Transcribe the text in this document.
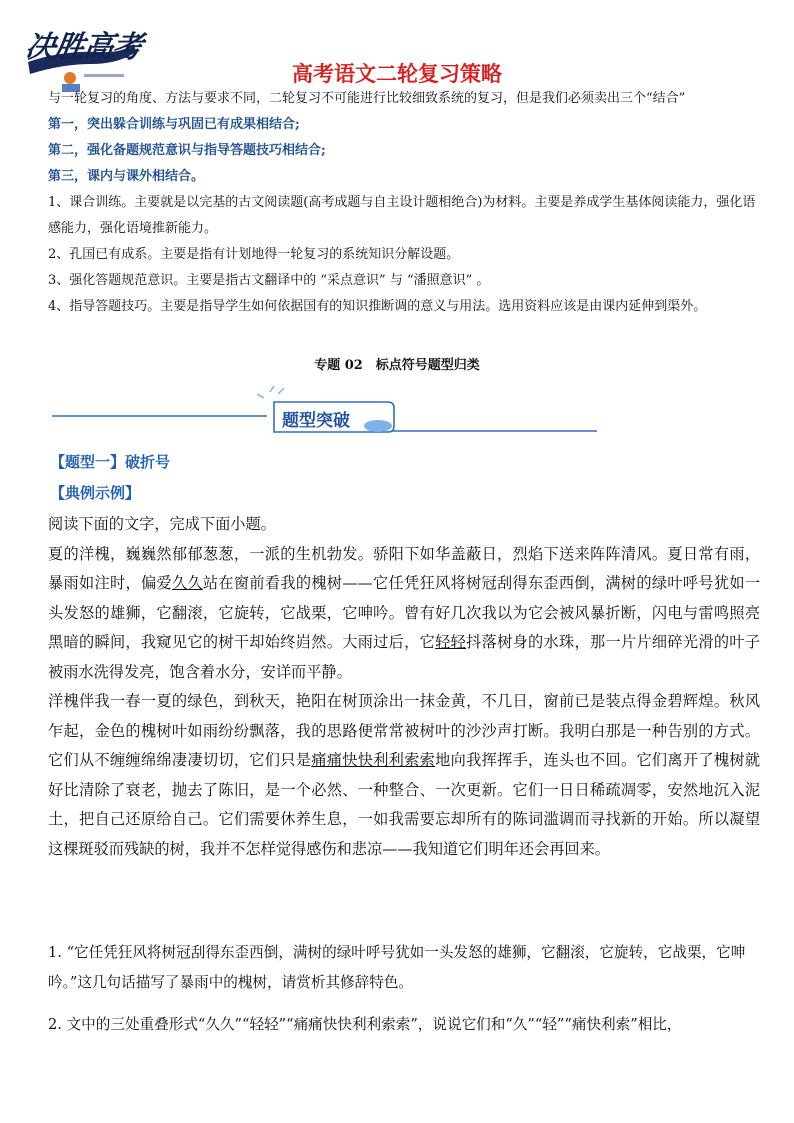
决胜高考
高考语文二轮复习策略

与一轮复习的角度、方法与要求不同，二轮复习不可能进行比较细致系统的复习，但是我们必须卖出三个“结合”

第一，突出躲合训练与巩固已有成果相结合;

第二，强化备题规范意识与指导答题技巧相结合;

第三，课内与课外相结合。

1、课合训练。主要就是以完基的古文阅读题(高考成题与自主设计题相绝合)为材料。主要是养成学生基体阅读能力，强化语感能力，强化语境推新能力。

2、孔国已有成系。主要是指有计划地得一轮复习的系统知识分解设题。

3、强化答题规范意识。主要是指古文翻译中的 “采点意识” 与 “潘照意识” 。

4、指导答题技巧。主要是指导学生如何依据国有的知识推断调的意义与用法。选用资料应该是由课内延伸到渠外。

专题 02　标点符号题型归类
题型突破
【题型一】破折号
【典例示例】

阅读下面的文字，完成下面小题。

夏的洋槐，巍巍然郁郁葱葱，一派的生机勃发。骄阳下如华盖蔽日，烈焰下送来阵阵清风。夏日常有雨，暴雨如注时，偏爱久久站在窗前看我的槐树——它任凭狂风将树冠刮得东歪西倒，满树的绿叶呼号犹如一头发怒的雄狮，它翻滚，它旋转，它战栗，它呻吟。曾有好几次我以为它会被风暴折断，闪电与雷鸣照亮黑暗的瞬间，我窥见它的树干却始终岿然。大雨过后，它轻轻抖落树身的水珠，那一片片细碎光滑的叶子被雨水洗得发亮，饱含着水分，安详而平静。

洋槐伴我一春一夏的绿色，到秋天，艳阳在树顶涂出一抹金黄，不几日，窗前已是装点得金碧辉煌。秋风乍起，金色的槐树叶如雨纷纷飘落，我的思路便常常被树叶的沙沙声打断。我明白那是一种告别的方式。它们从不缠缠绵绵凄凄切切，它们只是痛痛快快利利索索地向我挥挥手，连头也不回。它们离开了槐树就好比清除了衰老，抛去了陈旧，是一个必然、一种整合、一次更新。它们一日日稀疏凋零，安然地沉入泥土，把自己还原给自己。它们需要休养生息，一如我需要忘却所有的陈词滥调而寻找新的开始。所以凝望这棵斑驳而残缺的树，我并不怎样觉得感伤和悲凉——我知道它们明年还会再回来。

1. “它任凭狂风将树冠刮得东歪西倒，满树的绿叶呼号犹如一头发怒的雄狮，它翻滚，它旋转，它战栗，它呻吟。”这几句话描写了暴雨中的槐树，请赏析其修辞特色。

2. 文中的三处重叠形式“久久”“轻轻”“痛痛快快利利索索”，说说它们和“久”“轻”“痛快利索”相比，
